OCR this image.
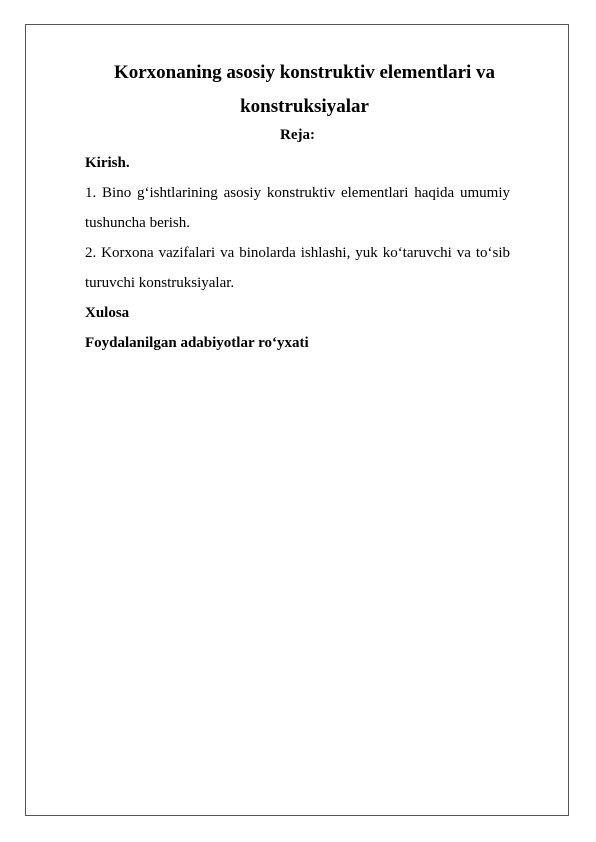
Korxonaning asosiy konstruktiv elementlari va konstruksiyalar
Reja:

Kirish.

1. Bino g‘ishtlarining asosiy konstruktiv elementlari haqida umumiy tushuncha berish.

2. Korxona vazifalari va binolarda ishlashi, yuk ko‘taruvchi va to‘sib turuvchi konstruksiyalar.

Xulosa

Foydalanilgan adabiyotlar ro‘yxati
